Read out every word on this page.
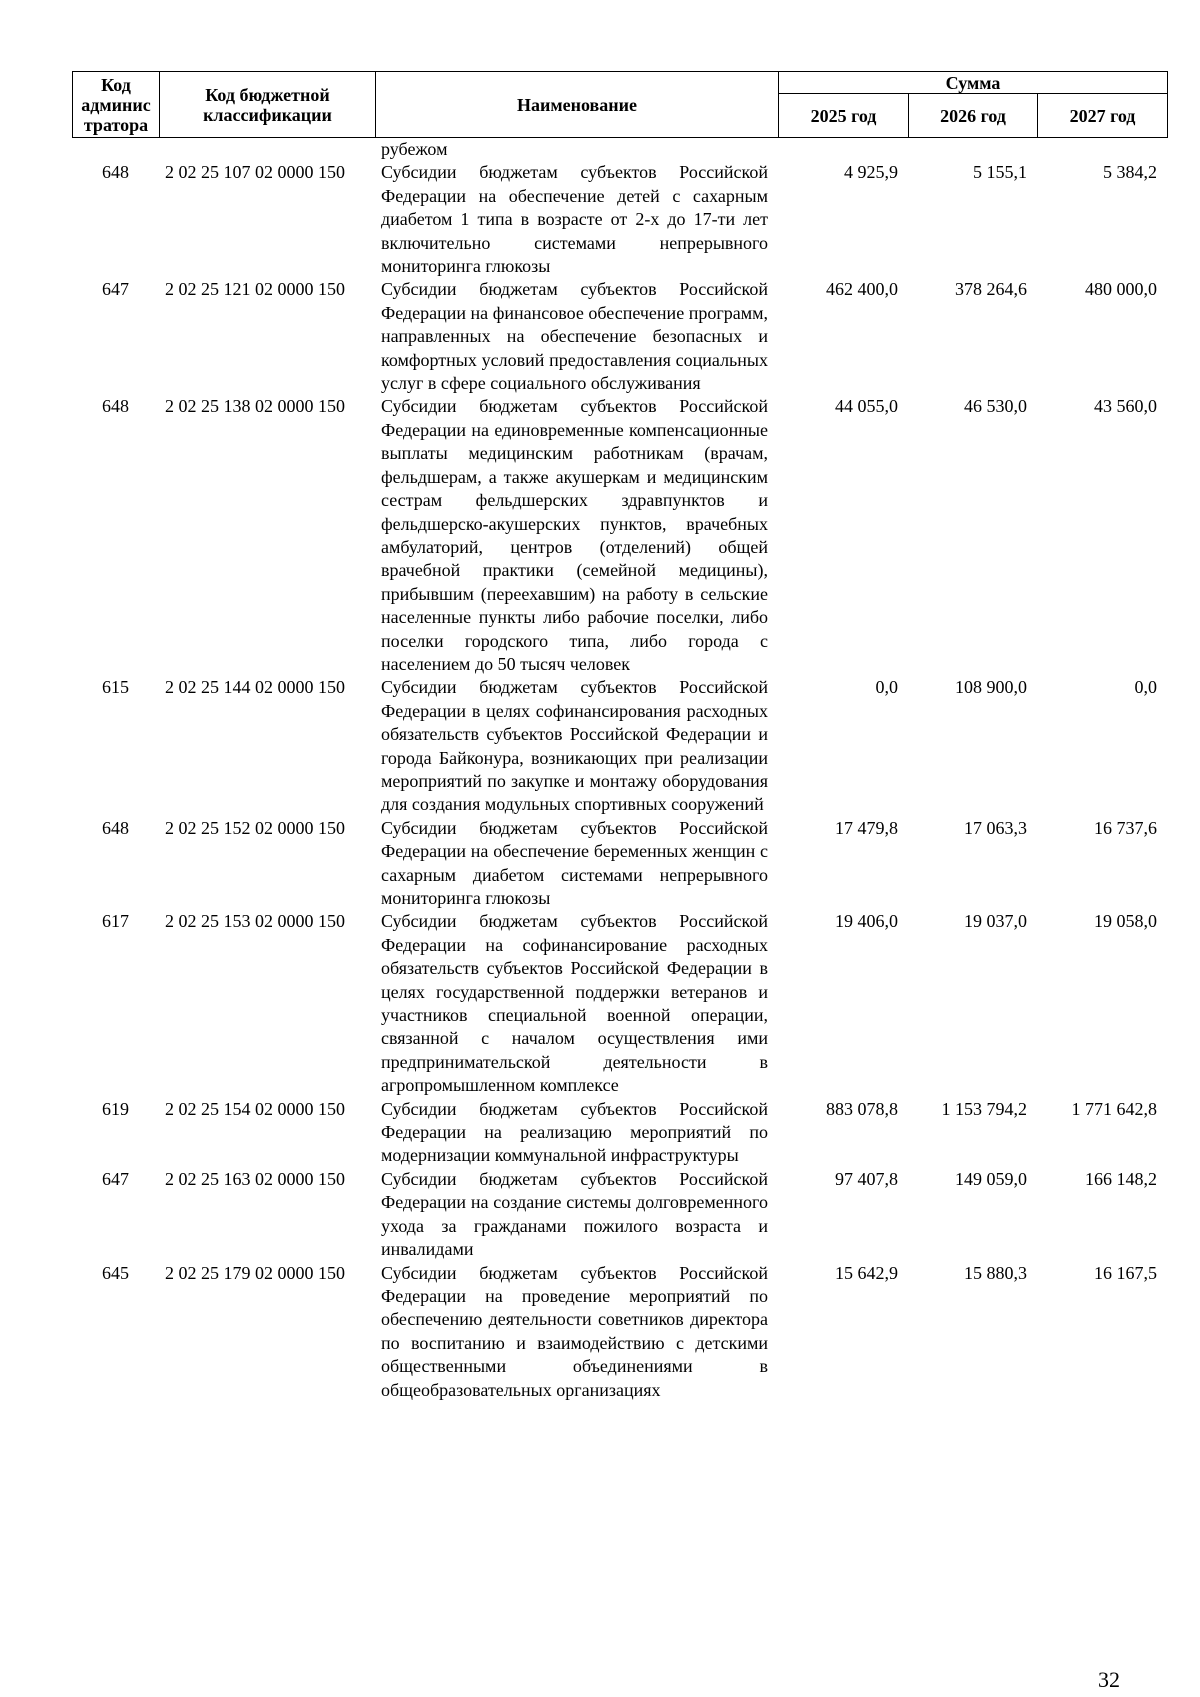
Код
админис
тратора	Код бюджетной
классификации	Наименование	Сумма		
			2025 год	2026 год	2027 год
		рубежом			
648	2 02 25 107 02 0000 150	Субсидии бюджетам субъектов Российской Федерации на обеспечение детей с сахарным диабетом 1 типа в возрасте от 2-х до 17-ти лет включительно системами непрерывного мониторинга глюкозы	4 925,9	5 155,1	5 384,2
647	2 02 25 121 02 0000 150	Субсидии бюджетам субъектов Российской Федерации на финансовое обеспечение программ, направленных на обеспечение безопасных и комфортных условий предоставления социальных услуг в сфере социального обслуживания	462 400,0	378 264,6	480 000,0
648	2 02 25 138 02 0000 150	Субсидии бюджетам субъектов Российской Федерации на единовременные компенсационные выплаты медицинским работникам (врачам, фельдшерам, а также акушеркам и медицинским сестрам фельдшерских здравпунктов и фельдшерско-акушерских пунктов, врачебных амбулаторий, центров (отделений) общей врачебной практики (семейной медицины), прибывшим (переехавшим) на работу в сельские населенные пункты либо рабочие поселки, либо поселки городского типа, либо города с населением до 50 тысяч человек	44 055,0	46 530,0	43 560,0
615	2 02 25 144 02 0000 150	Субсидии бюджетам субъектов Российской Федерации в целях софинансирования расходных обязательств субъектов Российской Федерации и города Байконура, возникающих при реализации мероприятий по закупке и монтажу оборудования для создания модульных спортивных сооружений	0,0	108 900,0	0,0
648	2 02 25 152 02 0000 150	Субсидии бюджетам субъектов Российской Федерации на обеспечение беременных женщин с сахарным диабетом системами непрерывного мониторинга глюкозы	17 479,8	17 063,3	16 737,6
617	2 02 25 153 02 0000 150	Субсидии бюджетам субъектов Российской Федерации на софинансирование расходных обязательств субъектов Российской Федерации в целях государственной поддержки ветеранов и участников специальной военной операции, связанной с началом осуществления ими предпринимательской деятельности в агропромышленном комплексе	19 406,0	19 037,0	19 058,0
619	2 02 25 154 02 0000 150	Субсидии бюджетам субъектов Российской Федерации на реализацию мероприятий по модернизации коммунальной инфраструктуры	883 078,8	1 153 794,2	1 771 642,8
647	2 02 25 163 02 0000 150	Субсидии бюджетам субъектов Российской Федерации на создание системы долговременного ухода за гражданами пожилого возраста и инвалидами	97 407,8	149 059,0	166 148,2
645	2 02 25 179 02 0000 150	Субсидии бюджетам субъектов Российской Федерации на проведение мероприятий по обеспечению деятельности советников директора по воспитанию и взаимодействию с детскими общественными объединениями в общеобразовательных организациях	15 642,9	15 880,3	16 167,5
32
